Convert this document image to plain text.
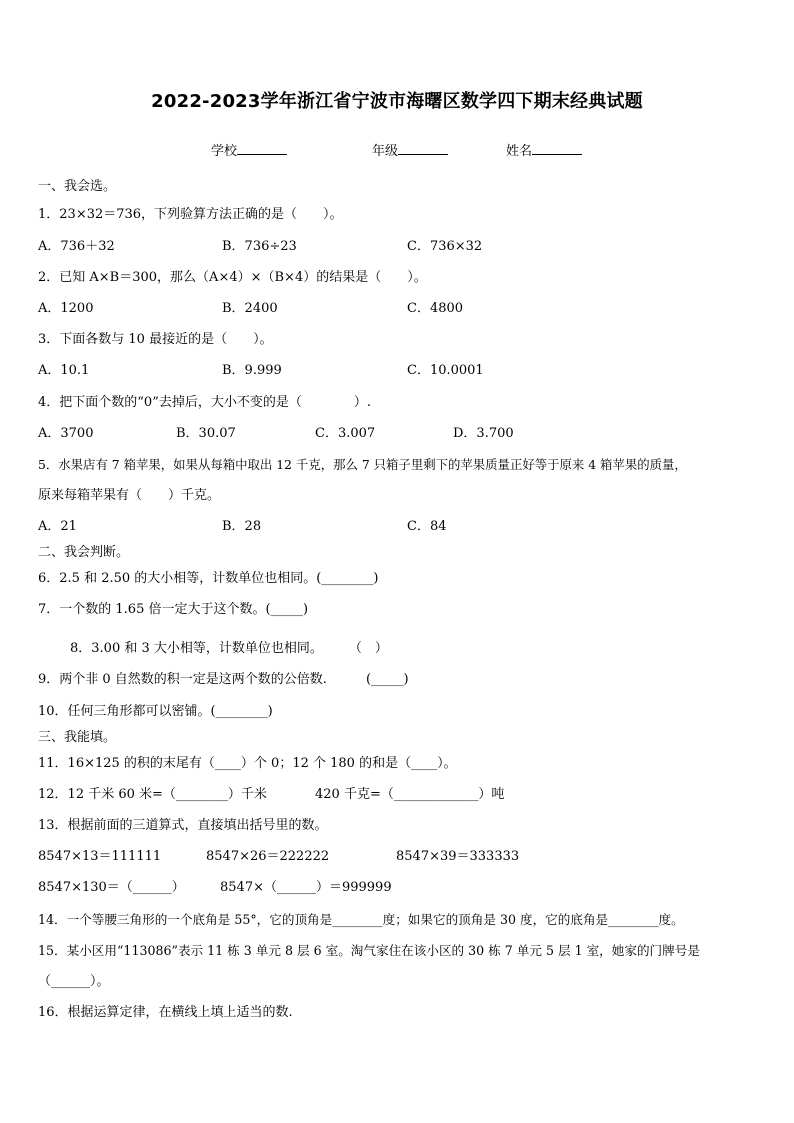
2022-2023学年浙江省宁波市海曙区数学四下期末经典试题
学校	年级	姓名
一、我会选。
1．23×32＝736，下列验算方法正确的是（　　）。
A．736＋32	B．736÷23	C．736×32
2．已知 A×B＝300，那么（A×4）×（B×4）的结果是（　　）。
A．1200	B．2400	C．4800
3．下面各数与 10 最接近的是（　　）。
A．10.1	B．9.999	C．10.0001
4．把下面个数的“0”去掉后，大小不变的是（　　　　）.
A．3700	B．30.07	C．3.007	D．3.700
5．水果店有 7 箱苹果，如果从每箱中取出 12 千克，那么 7 只箱子里剩下的苹果质量正好等于原来 4 箱苹果的质量，
原来每箱苹果有（　　）千克。
A．21	B．28	C．84
二、我会判断。
6．2.5 和 2.50 的大小相等，计数单位也相同。(________)
7．一个数的 1.65 倍一定大于这个数。(_____)
8．3.00 和 3 大小相等，计数单位也相同。　　　（　）
9．两个非 0 自然数的积一定是这两个数的公倍数.　　　(_____)
10．任何三角形都可以密铺。(________)
三、我能填。
11．16×125 的积的末尾有（____）个 0；12 个 180 的和是（____）。
12．12 千米 60 米=（________）千米	420 千克=（_____________）吨
13．根据前面的三道算式，直接填出括号里的数。
8547×13＝111111	8547×26＝222222	8547×39＝333333
8547×130＝（______）	8547×（______）＝999999
14．一个等腰三角形的一个底角是 55°，它的顶角是________度；如果它的顶角是 30 度，它的底角是________度。
15．某小区用“113086”表示 11 栋 3 单元 8 层 6 室。淘气家住在该小区的 30 栋 7 单元 5 层 1 室，她家的门牌号是
（______）。
16．根据运算定律，在横线上填上适当的数.
